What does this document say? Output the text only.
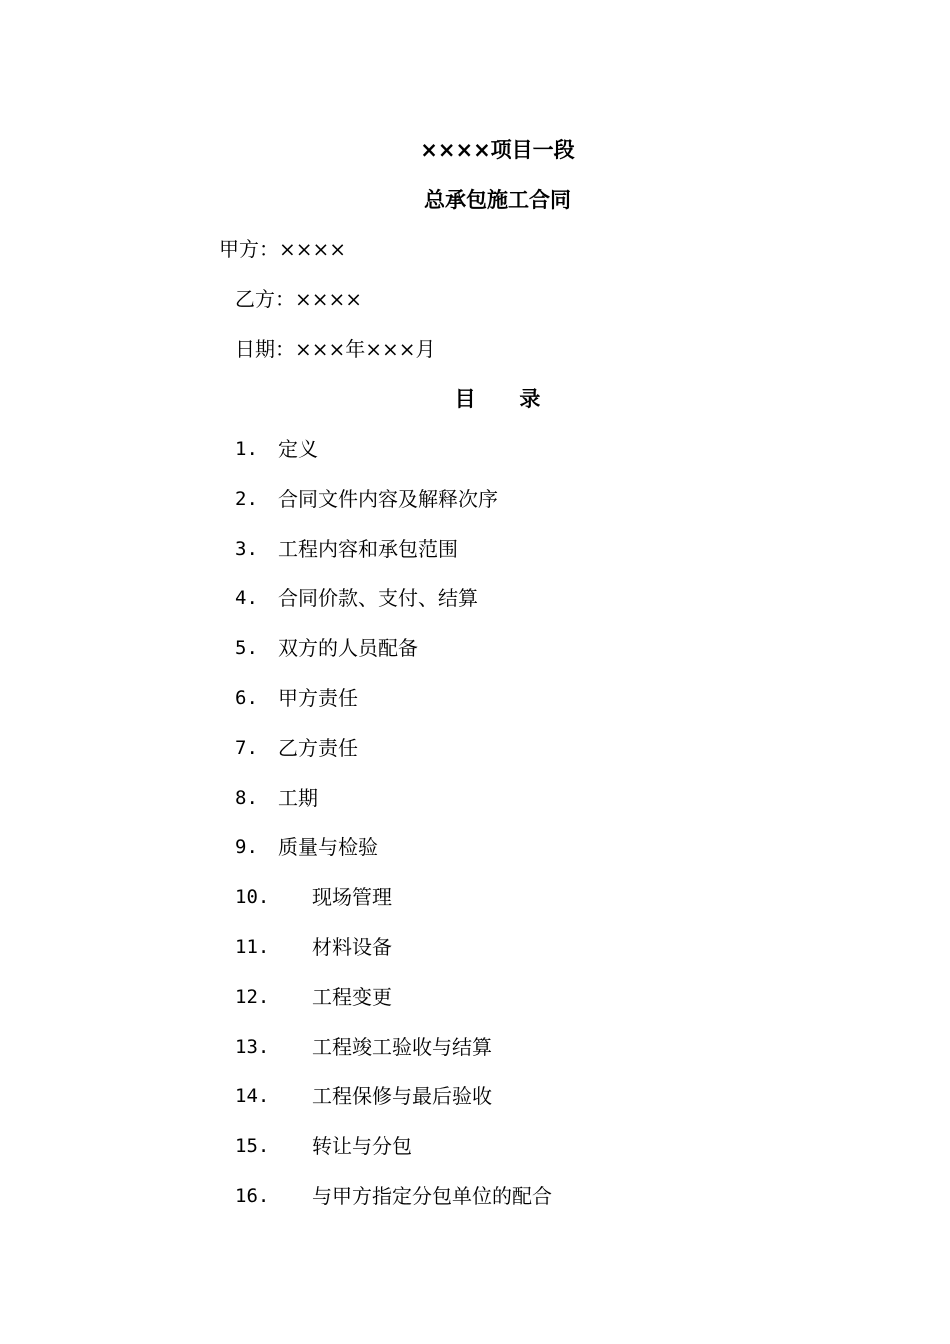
××××项目一段
总承包施工合同
甲方：××××
乙方：××××
日期：×××年×××月
目      录
1. 定义
2. 合同文件内容及解释次序
3. 工程内容和承包范围
4. 合同价款、支付、结算
5. 双方的人员配备
6. 甲方责任
7. 乙方责任
8. 工期
9. 质量与检验
10. 现场管理
11. 材料设备
12. 工程变更
13. 工程竣工验收与结算
14. 工程保修与最后验收
15. 转让与分包
16. 与甲方指定分包单位的配合
